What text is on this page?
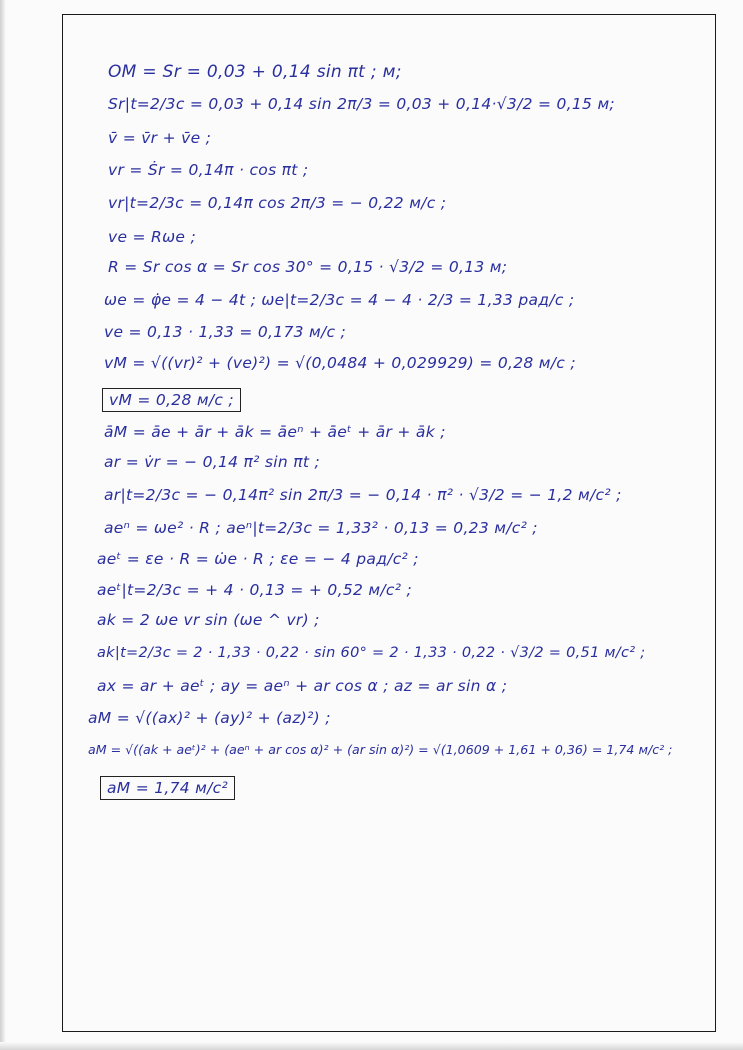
OM = Sr = 0,03 + 0,14 sin πt ; м;
Sr|t=2/3c = 0,03 + 0,14 sin 2π/3 = 0,03 + 0,14·√3/2 = 0,15 м;
v̄ = v̄r + v̄e ;
vr = Ṡr = 0,14π · cos πt ;
vr|t=2/3c = 0,14π cos 2π/3 = − 0,22 м/с ;
ve = Rωe ;
R = Sr cos α = Sr cos 30° = 0,15 · √3/2 = 0,13 м;
ωe = φ̇e = 4 − 4t ; ωe|t=2/3c = 4 − 4 · 2/3 = 1,33 рад/с ;
ve = 0,13 · 1,33 = 0,173 м/с ;
vM = √((vr)² + (ve)²) = √(0,0484 + 0,029929) = 0,28 м/с ;
vM = 0,28 м/с ;
āM = āe + ār + āk = āeⁿ + āeᵗ + ār + āk ;
ar = v̇r = − 0,14 π² sin πt ;
ar|t=2/3c = − 0,14π² sin 2π/3 = − 0,14 · π² · √3/2 = − 1,2 м/с² ;
aeⁿ = ωe² · R ; aeⁿ|t=2/3c = 1,33² · 0,13 = 0,23 м/с² ;
aeᵗ = εe · R = ω̇e · R ; εe = − 4 рад/с² ;
aeᵗ|t=2/3c = + 4 · 0,13 = + 0,52 м/с² ;
ak = 2 ωe vr sin (ωe ^ vr) ;
ak|t=2/3c = 2 · 1,33 · 0,22 · sin 60° = 2 · 1,33 · 0,22 · √3/2 = 0,51 м/с² ;
ax = ar + aeᵗ ; ay = aeⁿ + ar cos α ; az = ar sin α ;
aM = √((ax)² + (ay)² + (az)²) ;
aM = √((ak + aeᵗ)² + (aeⁿ + ar cos α)² + (ar sin α)²) = √(1,0609 + 1,61 + 0,36) = 1,74 м/с² ;
aM = 1,74 м/с²
